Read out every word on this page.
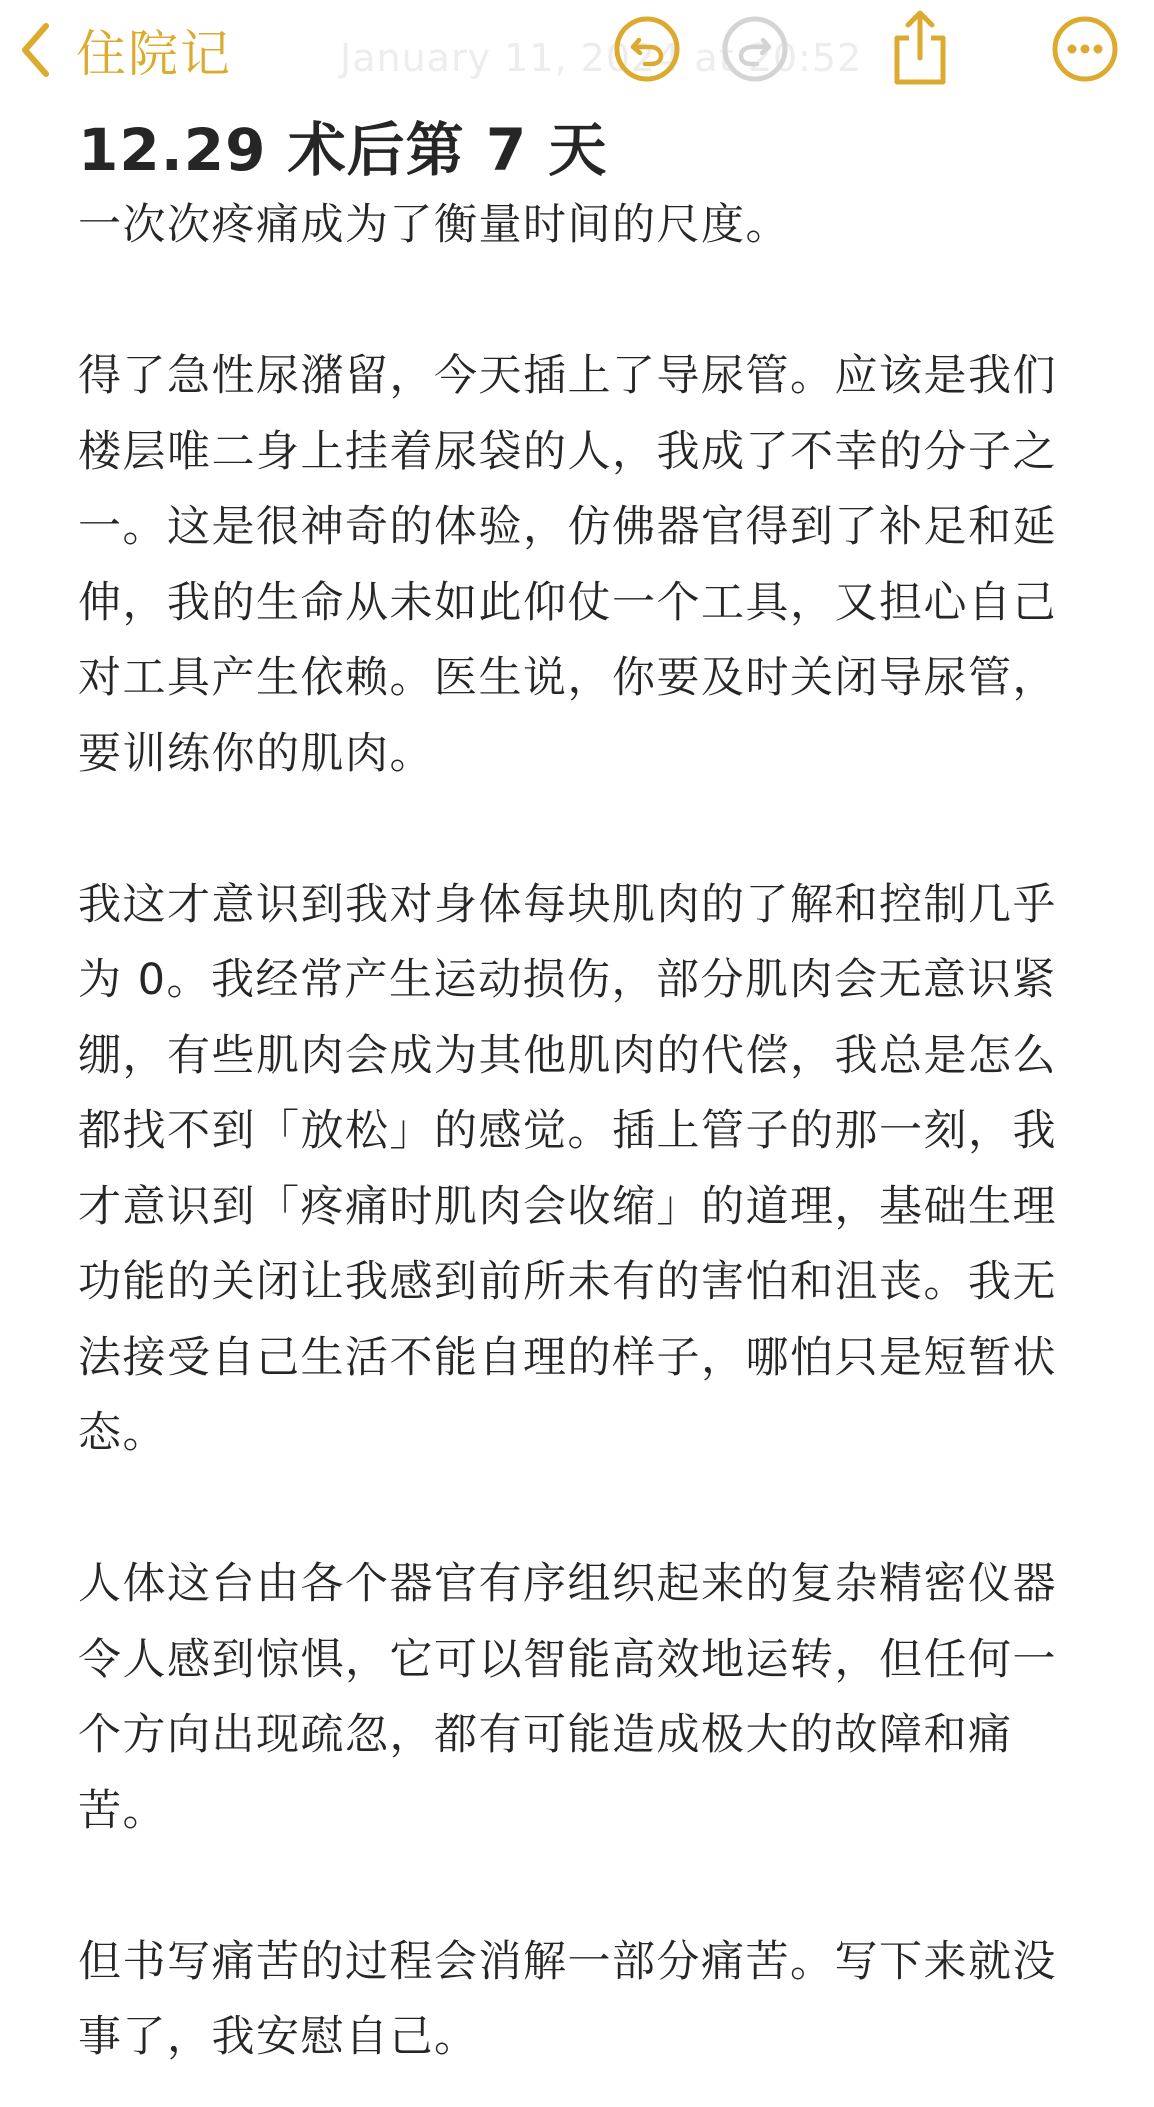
January 11, 2024 at 20:52
住院记
12.29 术后第 7 天

一次次疼痛成为了衡量时间的尺度。

得了急性尿潴留，今天插上了导尿管。应该是我们楼层唯二身上挂着尿袋的人，我成了不幸的分子之一。这是很神奇的体验，仿佛器官得到了补足和延伸，我的生命从未如此仰仗一个工具，又担心自己对工具产生依赖。医生说，你要及时关闭导尿管，要训练你的肌肉。

我这才意识到我对身体每块肌肉的了解和控制几乎为 0。我经常产生运动损伤，部分肌肉会无意识紧绷，有些肌肉会成为其他肌肉的代偿，我总是怎么都找不到「放松」的感觉。插上管子的那一刻，我才意识到「疼痛时肌肉会收缩」的道理，基础生理功能的关闭让我感到前所未有的害怕和沮丧。我无法接受自己生活不能自理的样子，哪怕只是短暂状态。

人体这台由各个器官有序组织起来的复杂精密仪器令人感到惊惧，它可以智能高效地运转，但任何一个方向出现疏忽，都有可能造成极大的故障和痛苦。

但书写痛苦的过程会消解一部分痛苦。写下来就没事了，我安慰自己。
